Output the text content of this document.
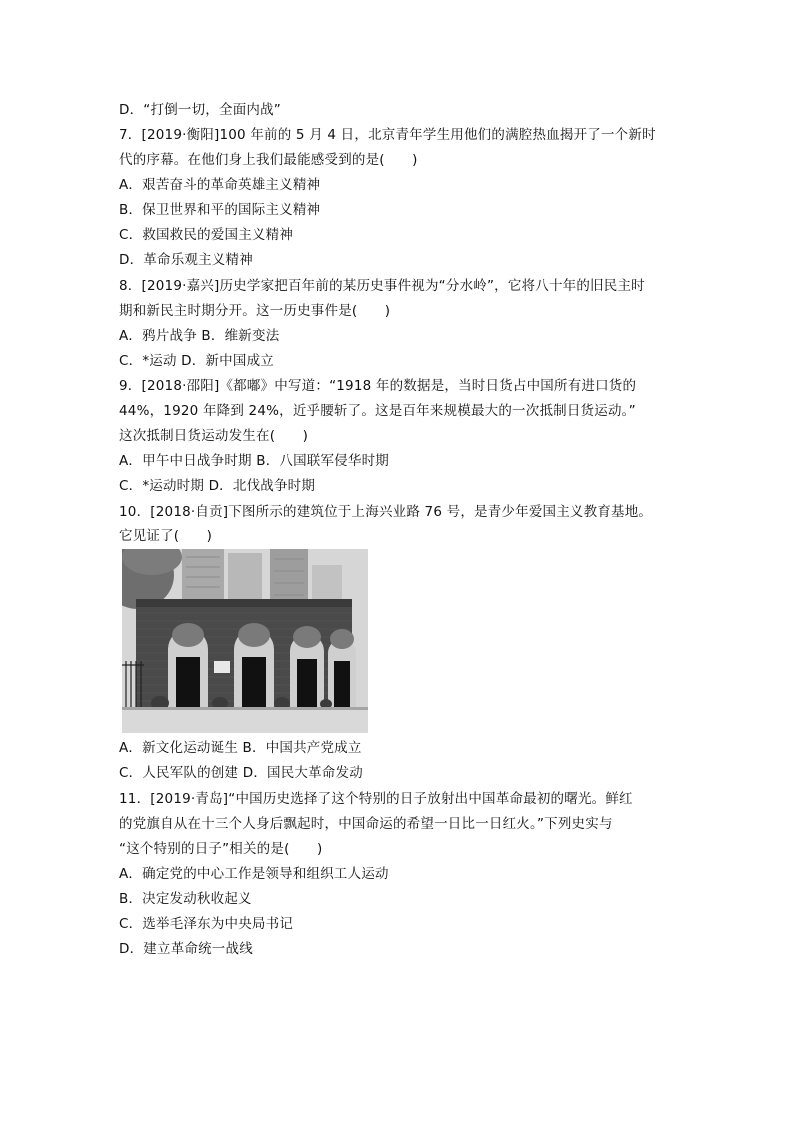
D．“打倒一切，全面内战”
7．[2019·衡阳]100 年前的 5 月 4 日，北京青年学生用他们的满腔热血揭开了一个新时
代的序幕。在他们身上我们最能感受到的是(　　)
A．艰苦奋斗的革命英雄主义精神
B．保卫世界和平的国际主义精神
C．救国救民的爱国主义精神
D．革命乐观主义精神
8．[2019·嘉兴]历史学家把百年前的某历史事件视为“分水岭”，它将八十年的旧民主时
期和新民主时期分开。这一历史事件是(　　)
A．鸦片战争 B．维新变法
C．*运动 D．新中国成立
9．[2018·邵阳]《都嘟》中写道：“1918 年的数据是，当时日货占中国所有进口货的
44%，1920 年降到 24%，近乎腰斩了。这是百年来规模最大的一次抵制日货运动。”
这次抵制日货运动发生在(　　)
A．甲午中日战争时期 B．八国联军侵华时期
C．*运动时期 D．北伐战争时期
10．[2018·自贡]下图所示的建筑位于上海兴业路 76 号，是青少年爱国主义教育基地。
它见证了(　　)
A．新文化运动诞生 B．中国共产党成立
C．人民军队的创建 D．国民大革命发动
11．[2019·青岛]“中国历史选择了这个特别的日子放射出中国革命最初的曙光。鲜红
的党旗自从在十三个人身后飘起时，中国命运的希望一日比一日红火。”下列史实与
“这个特别的日子”相关的是(　　)
A．确定党的中心工作是领导和组织工人运动
B．决定发动秋收起义
C．选举毛泽东为中央局书记
D．建立革命统一战线
